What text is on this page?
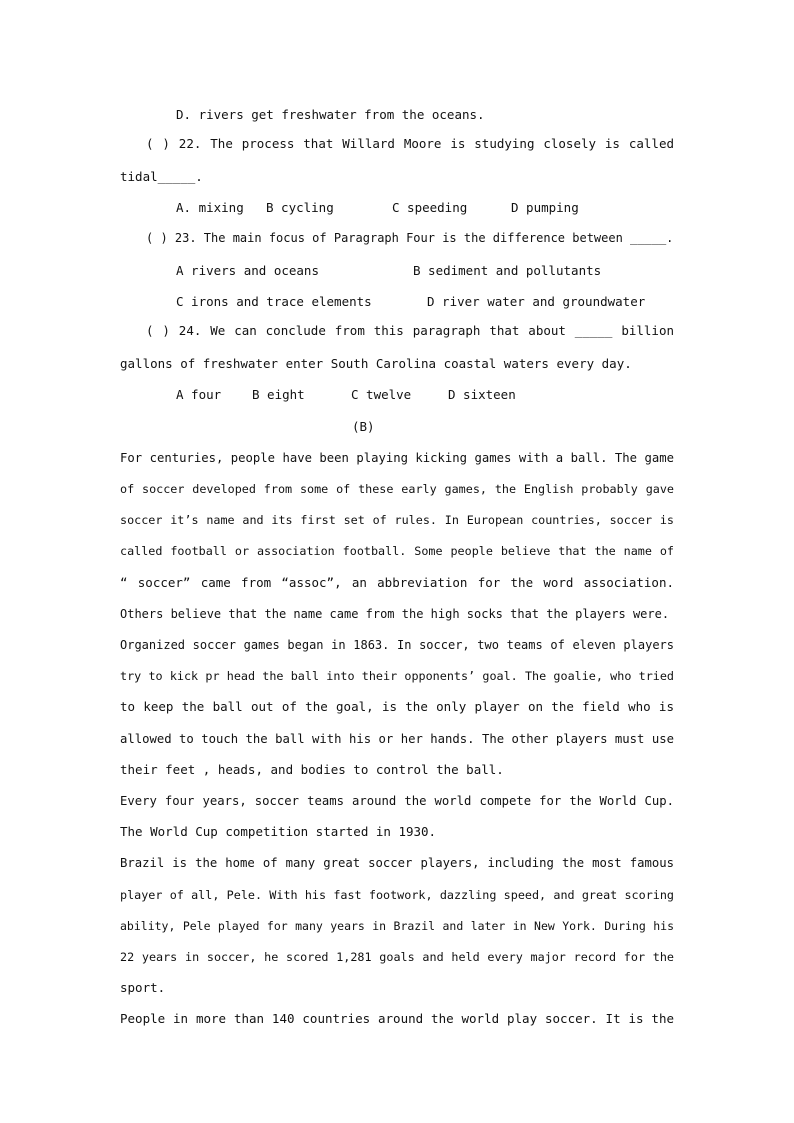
D. rivers get freshwater from the oceans.
( ) 22. The process that Willard Moore is studying closely is called
tidal_____.
A. mixing B cycling	C speeding	D pumping
( ) 23. The main focus of Paragraph Four is the difference between _____.
A rivers and oceans	B sediment and pollutants
C irons and trace elements	D river water and groundwater
( ) 24. We can conclude from this paragraph that about _____ billion
gallons of freshwater enter South Carolina coastal waters every day.
A four B eight	C twelve	D sixteen
(B)
For centuries, people have been playing kicking games with a ball. The game
of soccer developed from some of these early games, the English probably gave
soccer it’s name and its first set of rules. In European countries, soccer is
called football or association football. Some people believe that the name of
“ soccer” came from “assoc”, an abbreviation for the word association.
Others believe that the name came from the high socks that the players were.
Organized soccer games began in 1863. In soccer, two teams of eleven players
try to kick pr head the ball into their opponents’ goal. The goalie, who tried
to keep the ball out of the goal, is the only player on the field who is
allowed to touch the ball with his or her hands. The other players must use
their feet , heads, and bodies to control the ball.
Every four years, soccer teams around the world compete for the World Cup.
The World Cup competition started in 1930.
Brazil is the home of many great soccer players, including the most famous
player of all, Pele. With his fast footwork, dazzling speed, and great scoring
ability, Pele played for many years in Brazil and later in New York. During his
22 years in soccer, he scored 1,281 goals and held every major record for the
sport.
People in more than 140 countries around the world play soccer. It is the
